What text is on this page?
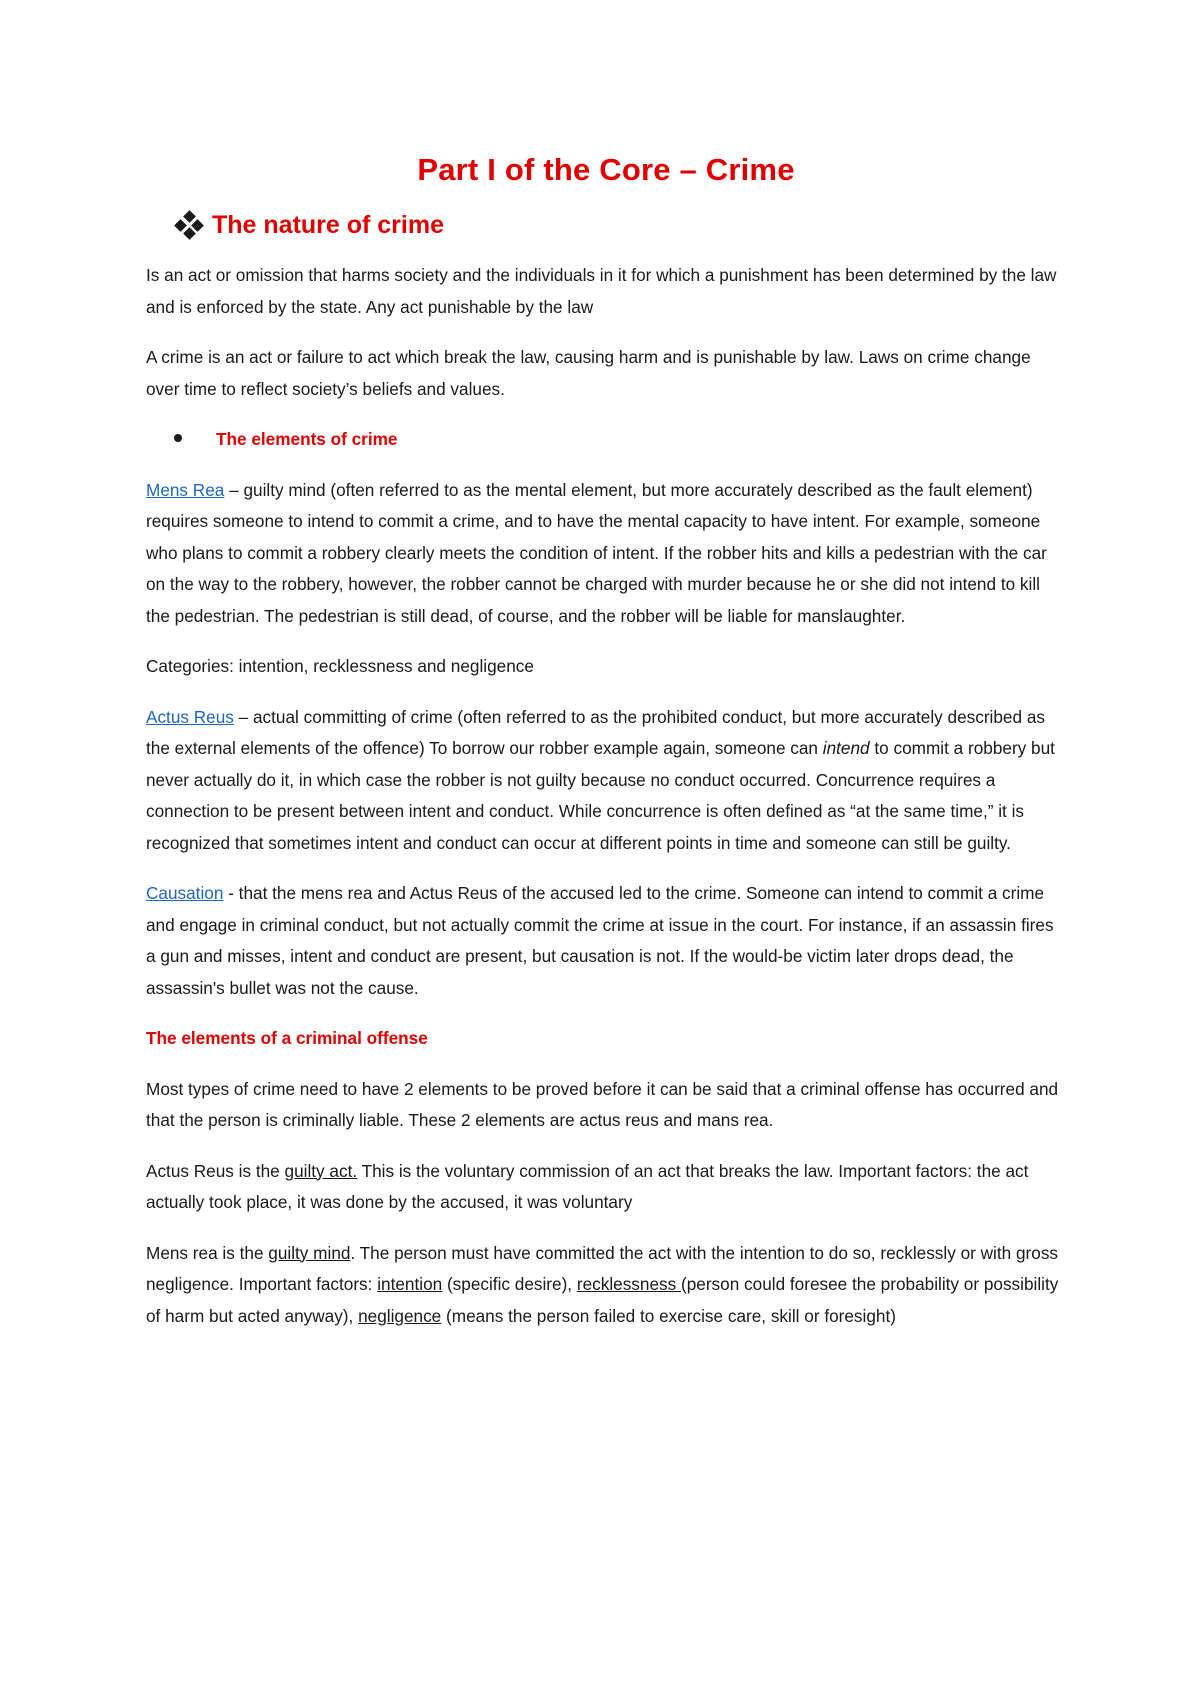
Part I of the Core – Crime
The nature of crime

Is an act or omission that harms society and the individuals in it for which a punishment has been determined by the law and is enforced by the state. Any act punishable by the law

A crime is an act or failure to act which break the law, causing harm and is punishable by law. Laws on crime change over time to reflect society’s beliefs and values.

The elements of crime

Mens Rea – guilty mind (often referred to as the mental element, but more accurately described as the fault element) requires someone to intend to commit a crime, and to have the mental capacity to have intent. For example, someone who plans to commit a robbery clearly meets the condition of intent. If the robber hits and kills a pedestrian with the car on the way to the robbery, however, the robber cannot be charged with murder because he or she did not intend to kill the pedestrian. The pedestrian is still dead, of course, and the robber will be liable for manslaughter.

Categories: intention, recklessness and negligence

Actus Reus – actual committing of crime (often referred to as the prohibited conduct, but more accurately described as the external elements of the offence) To borrow our robber example again, someone can intend to commit a robbery but never actually do it, in which case the robber is not guilty because no conduct occurred. Concurrence requires a connection to be present between intent and conduct. While concurrence is often defined as “at the same time,” it is recognized that sometimes intent and conduct can occur at different points in time and someone can still be guilty.

Causation - that the mens rea and Actus Reus of the accused led to the crime. Someone can intend to commit a crime and engage in criminal conduct, but not actually commit the crime at issue in the court. For instance, if an assassin fires a gun and misses, intent and conduct are present, but causation is not. If the would-be victim later drops dead, the assassin's bullet was not the cause.

The elements of a criminal offense

Most types of crime need to have 2 elements to be proved before it can be said that a criminal offense has occurred and that the person is criminally liable. These 2 elements are actus reus and mans rea.

Actus Reus is the guilty act. This is the voluntary commission of an act that breaks the law. Important factors: the act actually took place, it was done by the accused, it was voluntary

Mens rea is the guilty mind. The person must have committed the act with the intention to do so, recklessly or with gross negligence. Important factors: intention (specific desire), recklessness (person could foresee the probability or possibility of harm but acted anyway), negligence (means the person failed to exercise care, skill or foresight)
